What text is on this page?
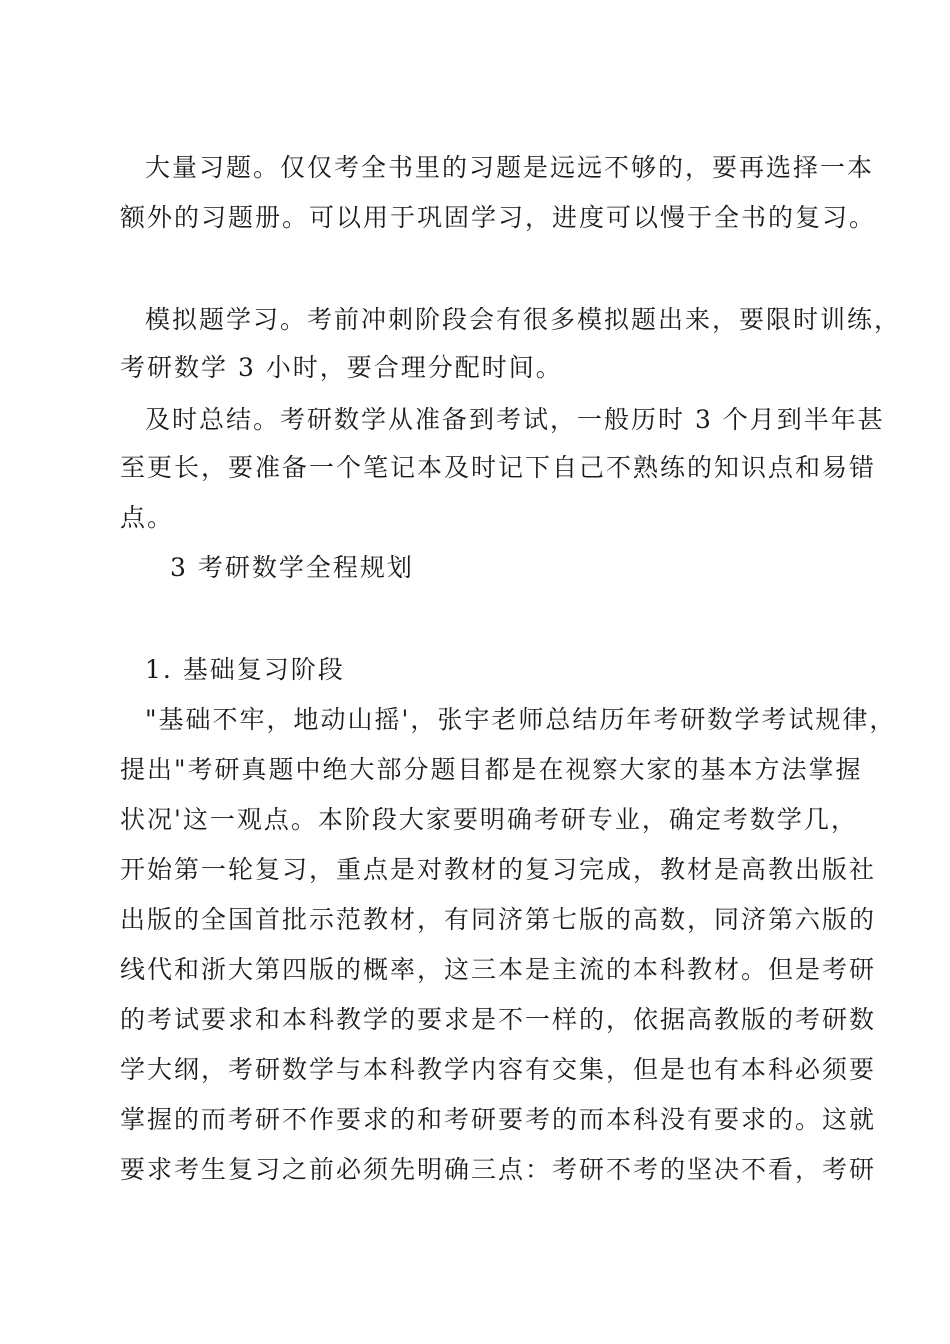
大量习题。仅仅考全书里的习题是远远不够的，要再选择一本
额外的习题册。可以用于巩固学习，进度可以慢于全书的复习。
模拟题学习。考前冲刺阶段会有很多模拟题出来，要限时训练，
考研数学 3 小时，要合理分配时间。
及时总结。考研数学从准备到考试，一般历时 3 个月到半年甚
至更长，要准备一个笔记本及时记下自己不熟练的知识点和易错
点。
3 考研数学全程规划
1. 基础复习阶段
"基础不牢，地动山摇'，张宇老师总结历年考研数学考试规律，
提出"考研真题中绝大部分题目都是在视察大家的基本方法掌握
状况'这一观点。本阶段大家要明确考研专业，确定考数学几，
开始第一轮复习，重点是对教材的复习完成，教材是高教出版社
出版的全国首批示范教材，有同济第七版的高数，同济第六版的
线代和浙大第四版的概率，这三本是主流的本科教材。但是考研
的考试要求和本科教学的要求是不一样的，依据高教版的考研数
学大纲，考研数学与本科教学内容有交集，但是也有本科必须要
掌握的而考研不作要求的和考研要考的而本科没有要求的。这就
要求考生复习之前必须先明确三点：考研不考的坚决不看，考研
